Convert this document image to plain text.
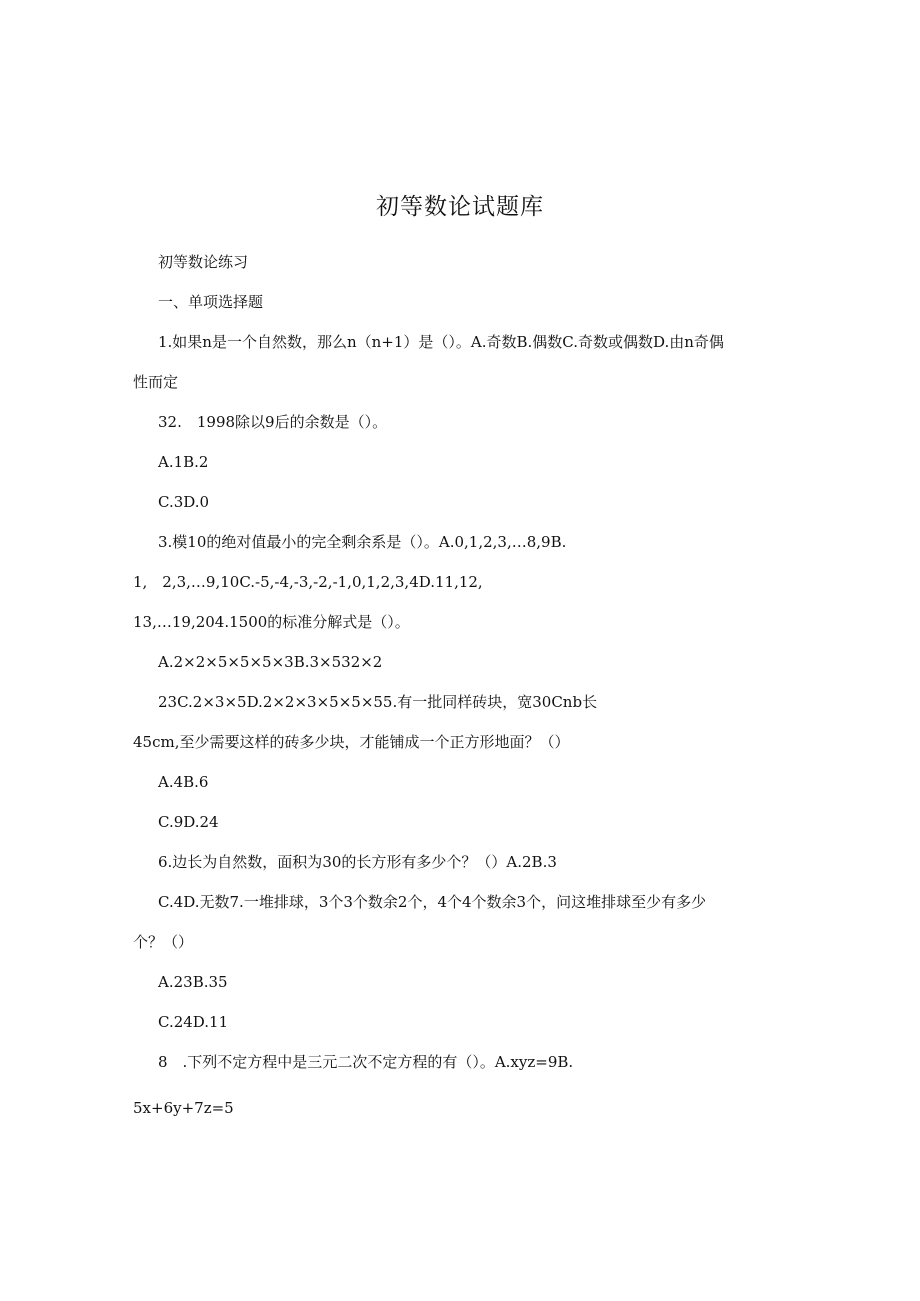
初等数论试题库
初等数论练习
一、单项选择题
1.如果n是一个自然数，那么n（n+1）是（）。A.奇数B.偶数C.奇数或偶数D.由n奇偶
性而定
32.　1998除以9后的余数是（）。
A.1B.2
C.3D.0
3.模10的绝对值最小的完全剩余系是（）。A.0,1,2,3,…8,9B.
1,　2,3,…9,10C.-5,-4,-3,-2,-1,0,1,2,3,4D.11,12,
13,…19,204.1500的标准分解式是（）。
A.2×2×5×5×5×3B.3×532×2
23C.2×3×5D.2×2×3×5×5×55.有一批同样砖块，宽30Cnb长
45cm,至少需要这样的砖多少块，才能铺成一个正方形地面？（）
A.4B.6
C.9D.24
6.边长为自然数，面积为30的长方形有多少个？（）A.2B.3
C.4D.无数7.一堆排球，3个3个数余2个，4个4个数余3个，问这堆排球至少有多少
个？（）
A.23B.35
C.24D.11
8　.下列不定方程中是三元二次不定方程的有（）。A.xyz=9B.
5x+6y+7z=5
